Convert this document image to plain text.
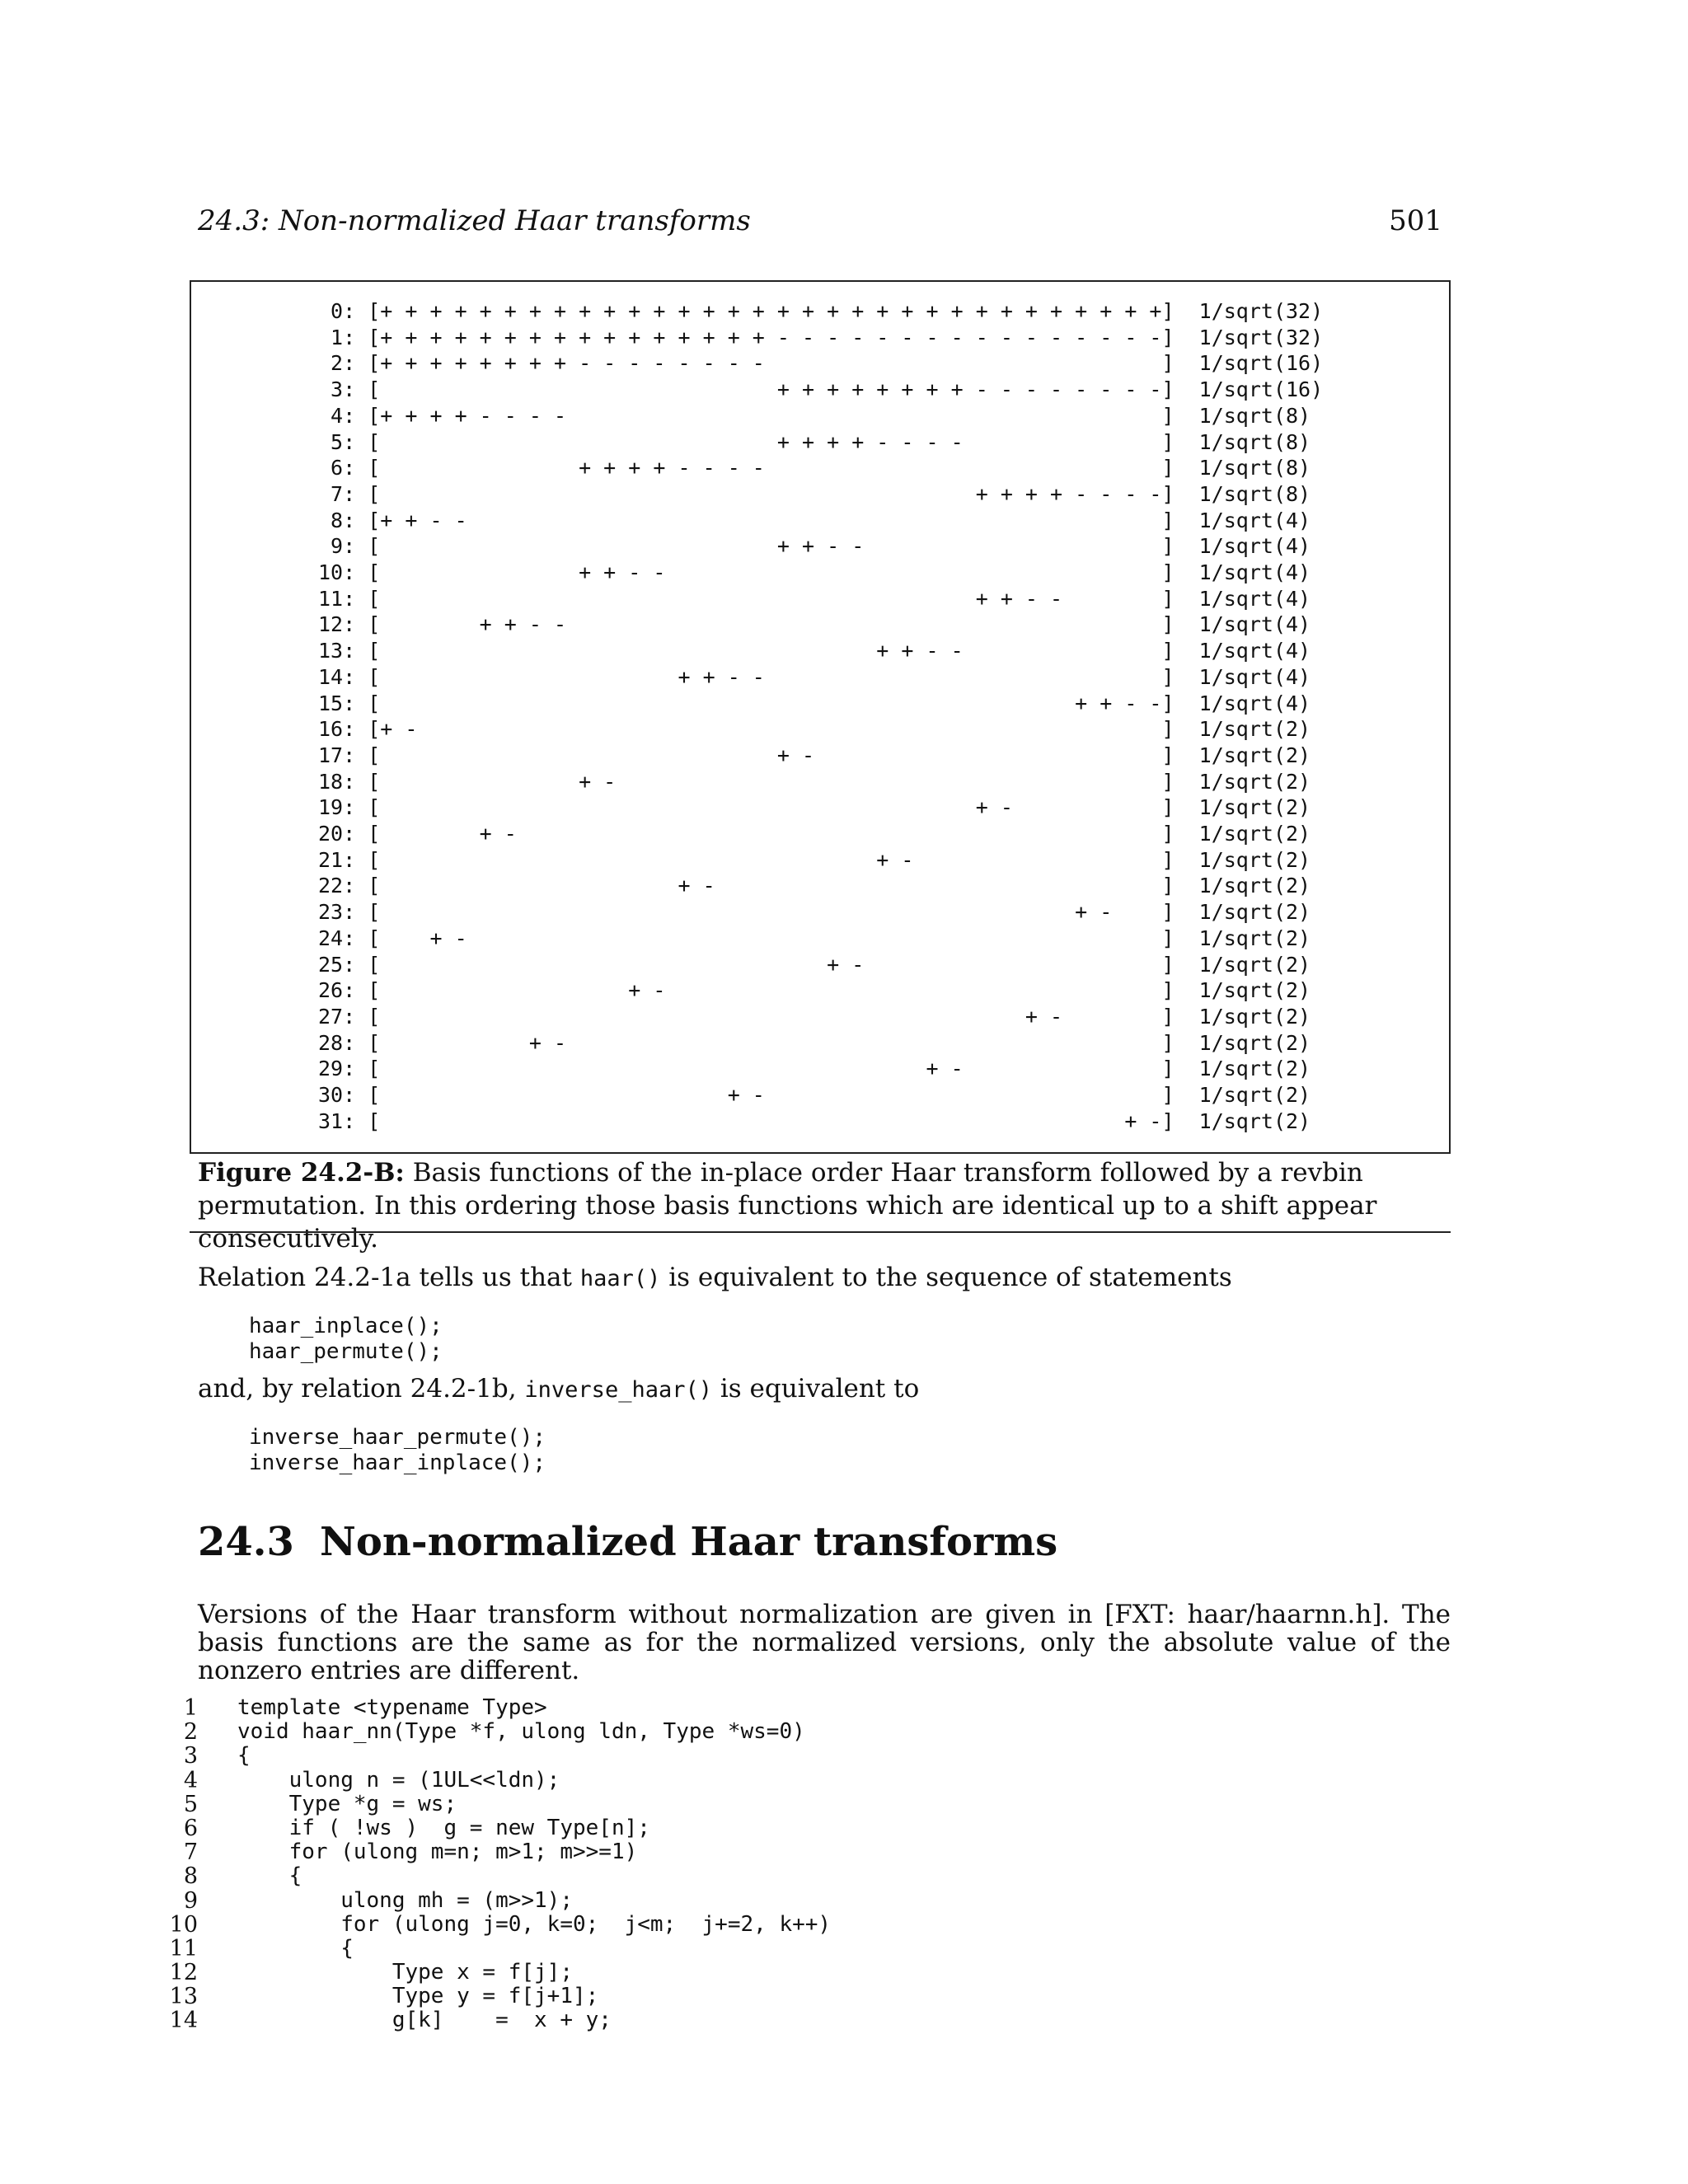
24.3: Non-normalized Haar transforms	501
0: [+ + + + + + + + + + + + + + + + + + + + + + + + + + + + + + + +]  1/sqrt(32)
1: [+ + + + + + + + + + + + + + + + - - - - - - - - - - - - - - - -]  1/sqrt(32)
2: [+ + + + + + + + - - - - - - - -                                ]  1/sqrt(16)
3: [                                + + + + + + + + - - - - - - - -]  1/sqrt(16)
4: [+ + + + - - - -                                                ]  1/sqrt(8)
5: [                                + + + + - - - -                ]  1/sqrt(8)
6: [                + + + + - - - -                                ]  1/sqrt(8)
7: [                                                + + + + - - - -]  1/sqrt(8)
8: [+ + - -                                                        ]  1/sqrt(4)
9: [                                + + - -                        ]  1/sqrt(4)
10: [                + + - -                                        ]  1/sqrt(4)
11: [                                                + + - -        ]  1/sqrt(4)
12: [        + + - -                                                ]  1/sqrt(4)
13: [                                        + + - -                ]  1/sqrt(4)
14: [                        + + - -                                ]  1/sqrt(4)
15: [                                                        + + - -]  1/sqrt(4)
16: [+ -                                                            ]  1/sqrt(2)
17: [                                + -                            ]  1/sqrt(2)
18: [                + -                                            ]  1/sqrt(2)
19: [                                                + -            ]  1/sqrt(2)
20: [        + -                                                    ]  1/sqrt(2)
21: [                                        + -                    ]  1/sqrt(2)
22: [                        + -                                    ]  1/sqrt(2)
23: [                                                        + -    ]  1/sqrt(2)
24: [    + -                                                        ]  1/sqrt(2)
25: [                                    + -                        ]  1/sqrt(2)
26: [                    + -                                        ]  1/sqrt(2)
27: [                                                    + -        ]  1/sqrt(2)
28: [            + -                                                ]  1/sqrt(2)
29: [                                            + -                ]  1/sqrt(2)
30: [                            + -                                ]  1/sqrt(2)
31: [                                                            + -]  1/sqrt(2)
Figure 24.2-B: Basis functions of the in-place order Haar transform followed by a revbin permutation. In this ordering those basis functions which are identical up to a shift appear consecutively.
Relation 24.2-1a tells us that haar() is equivalent to the sequence of statements
haar_inplace();
haar_permute();
and, by relation 24.2-1b, inverse_haar() is equivalent to
inverse_haar_permute();
inverse_haar_inplace();
24.3 Non-normalized Haar transforms
Versions of the Haar transform without normalization are given in [FXT: haar/haarnn.h]. The basis functions are the same as for the normalized versions, only the absolute value of the nonzero entries are different.
1 template <typename Type>
2 void haar_nn(Type *f, ulong ldn, Type *ws=0)
3 {
4 ulong n = (1UL<<ldn);
5 Type *g = ws;
6 if ( !ws )  g = new Type[n];
7 for (ulong m=n; m>1; m>>=1)
8 {
9 ulong mh = (m>>1);
10 for (ulong j=0, k=0;  j<m;  j+=2, k++)
11 {
12 Type x = f[j];
13 Type y = f[j+1];
14 g[k]    =  x + y;
